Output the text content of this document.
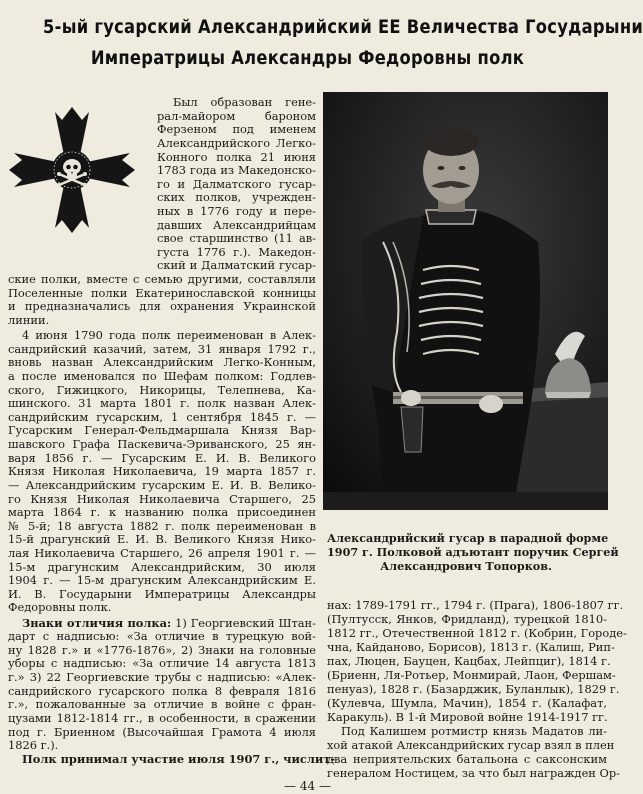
5-ый гусарский Александрийский ЕЕ Величества Государыни
Императрицы Александры Федоровны полк
Александрийский гусар в парадной форме
1907 г. Полковой адъютант поручик Сергей
Александрович Топорков.
Был образован гене-
рал-майором бароном
Ферзеном под именем
Александрийского Легко-
Конного полка 21 июня
1783 года из Македонско-
го и Далматского гусар-
ских полков, учрежден-
ных в 1776 году и пере-
давших Александрийцам
свое старшинство (11 ав-
густа 1776 г.). Македон-
ский и Далматский гусар-
ские полки, вместе с семью другими, составляли
Поселенные полки Екатеринославской конницы
и предназначались для охранения Украинской
линии.
4 июня 1790 года полк переименован в Алек-
сандрийский казачий, затем, 31 января 1792 г.,
вновь назван Александрийским Легко-Конным,
а после именовался по Шефам полком: Годлев-
ского, Гижицкого, Никорицы, Телепнева, Ка-
шинского. 31 марта 1801 г. полк назван Алек-
сандрийским гусарским, 1 сентября 1845 г. —
Гусарским Генерал-Фельдмаршала Князя Вар-
шавского Графа Паскевича-Эриванского, 25 ян-
варя 1856 г. — Гусарским Е. И. В. Великого
Князя Николая Николаевича, 19 марта 1857 г.
— Александрийским гусарским Е. И. В. Велико-
го Князя Николая Николаевича Старшего, 25
марта 1864 г. к названию полка присоединен
№ 5-й; 18 августа 1882 г. полк переименован в
15-й драгунский Е. И. В. Великого Князя Нико-
лая Николаевича Старшего, 26 апреля 1901 г. —
15-м драгунским Александрийским, 30 июля
1904 г. — 15-м драгунским Александрийским Е.
И. В. Государыни Императрицы Александры
Федоровны полк.
Знаки отличия полка: 1) Георгиевский Штан-
дарт с надписью: «За отличие в турецкую вой-
ну 1828 г.» и «1776-1876», 2) Знаки на головные
уборы с надписью: «За отличие 14 августа 1813
г.» 3) 22 Георгиевские трубы с надписью: «Алек-
сандрийского гусарского полка 8 февраля 1816
г.», пожалованные за отличие в войне с фран-
цузами 1812-1814 гг., в особенности, в сражении
под г. Бриенном (Высочайшая Грамота 4 июля
1826 г.).
Полк принимал участие июля 1907 г., числит-
нах: 1789-1791 гг., 1794 г. (Прага), 1806-1807 гг.
(Пултусск, Янков, Фридланд), турецкой 1810-
1812 гг., Отечественной 1812 г. (Кобрин, Городе-
чна, Кайданово, Борисов), 1813 г. (Калиш, Рип-
пах, Люцен, Бауцен, Кацбах, Лейпциг), 1814 г.
(Бриенн, Ля-Ротьер, Монмирай, Лаон, Фершам-
пенуаз), 1828 г. (Базарджик, Буланлык), 1829 г.
(Кулевча, Шумла, Мачин), 1854 г. (Калафат,
Каракуль). В 1-й Мировой войне 1914-1917 гг.
Под Калишем ротмистр князь Мадатов ли-
хой атакой Александрийских гусар взял в плен
два неприятельских батальона с саксонским
генералом Ностицем, за что был награжден Ор-
— 44 —
